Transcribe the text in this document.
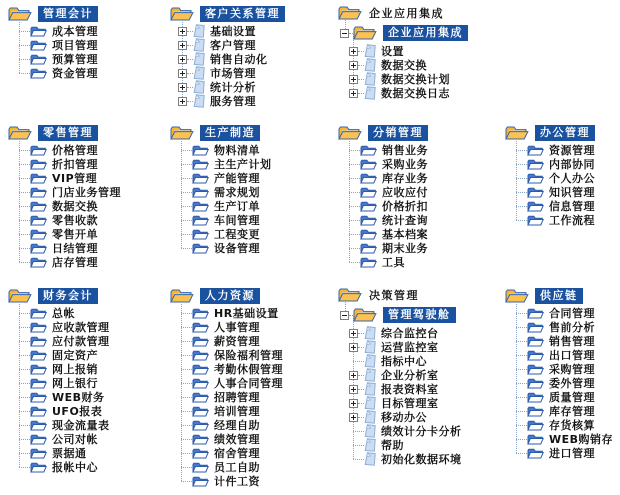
管理会计
成本管理
项目管理
预算管理
资金管理
客户关系管理
基础设置
客户管理
销售自动化
市场管理
统计分析
服务管理
企业应用集成
企业应用集成
设置
数据交换
数据交换计划
数据交换日志
零售管理
价格管理
折扣管理
VIP管理
门店业务管理
数据交换
零售收款
零售开单
日结管理
店存管理
生产制造
物料清单
主生产计划
产能管理
需求规划
生产订单
车间管理
工程变更
设备管理
分销管理
销售业务
采购业务
库存业务
应收应付
价格折扣
统计查询
基本档案
期末业务
工具
办公管理
资源管理
内部协同
个人办公
知识管理
信息管理
工作流程
财务会计
总帐
应收款管理
应付款管理
固定资产
网上报销
网上银行
WEB财务
UFO报表
现金流量表
公司对帐
票据通
报帐中心
人力资源
HR基础设置
人事管理
薪资管理
保险福利管理
考勤休假管理
人事合同管理
招聘管理
培训管理
经理自助
绩效管理
宿舍管理
员工自助
计件工资
决策管理
管理驾驶舱
综合监控台
运营监控室
指标中心
企业分析室
报表资料室
目标管理室
移动办公
绩效计分卡分析
帮助
初始化数据环境
供应链
合同管理
售前分析
销售管理
出口管理
采购管理
委外管理
质量管理
库存管理
存货核算
WEB购销存
进口管理
